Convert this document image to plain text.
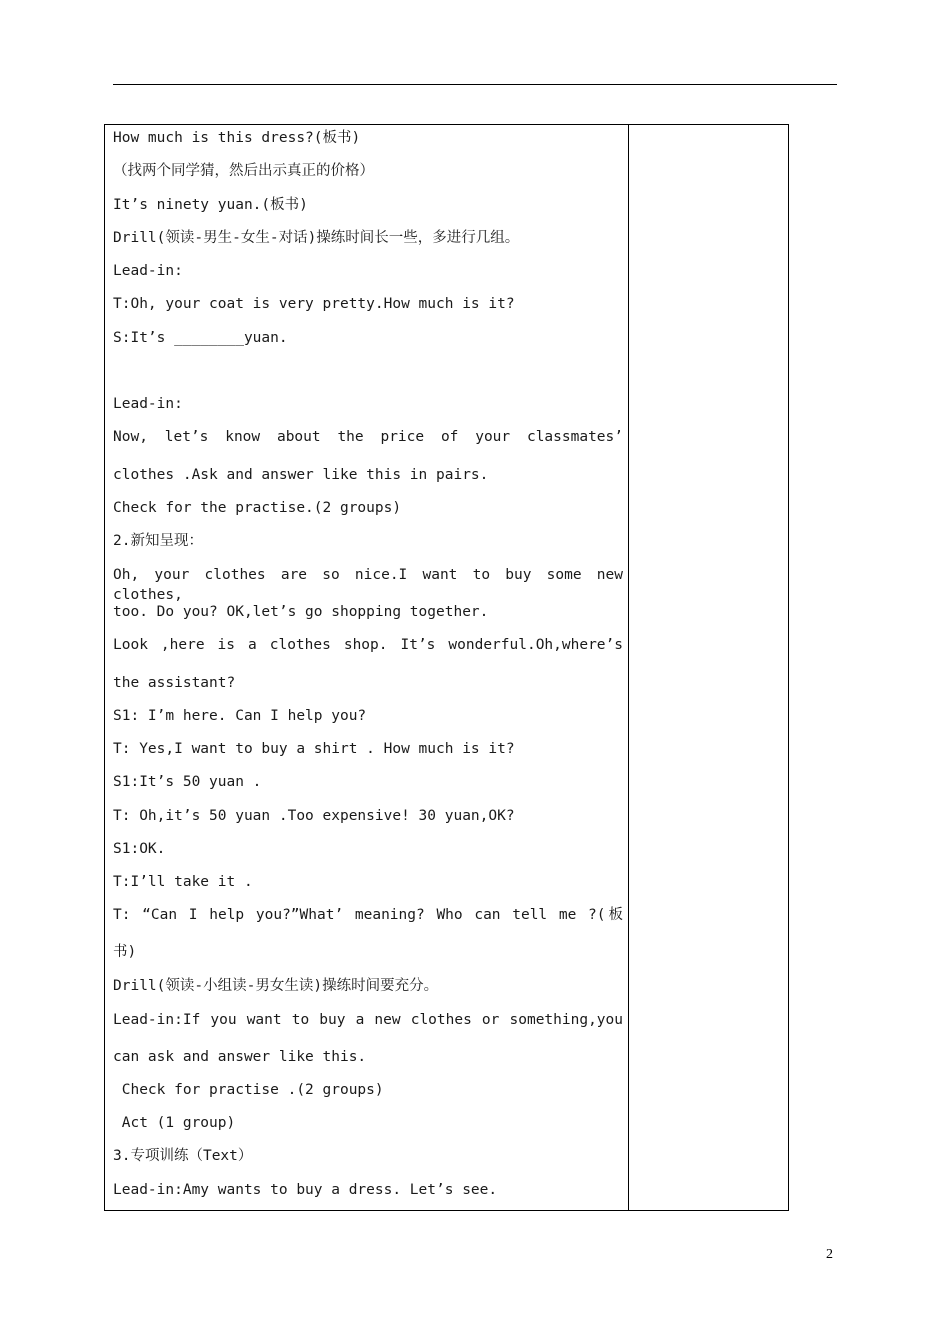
How much is this dress?(板书)
（找两个同学猜，然后出示真正的价格）
It’s ninety yuan.(板书)
Drill(领读-男生-女生-对话)操练时间长一些，多进行几组。
Lead-in:
T:Oh, your coat is very pretty.How much is it?
S:It’s ________yuan.
Lead-in:
Now, let’s know about the price of your classmates’
clothes .Ask and answer like this in pairs.
Check for the practise.(2 groups)
2.新知呈现：
Oh, your clothes are so nice.I want to buy some new clothes,
too. Do you? OK,let’s go shopping together.
Look ,here is a clothes shop. It’s wonderful.Oh,where’s
the assistant?
S1: I’m here. Can I help you?
T: Yes,I want to buy a shirt . How much is it?
S1:It’s 50 yuan .
T: Oh,it’s 50 yuan .Too expensive! 30 yuan,OK?
S1:OK.
T:I’ll take it .
T: “Can I help you?”What’ meaning? Who can tell me ?(板
书)
Drill(领读-小组读-男女生读)操练时间要充分。
Lead-in:If you want to buy a new clothes or something,you
can ask and answer like this.
Check for practise .(2 groups)
Act (1 group)
3.专项训练（Text）
Lead-in:Amy wants to buy a dress. Let’s see.
2
